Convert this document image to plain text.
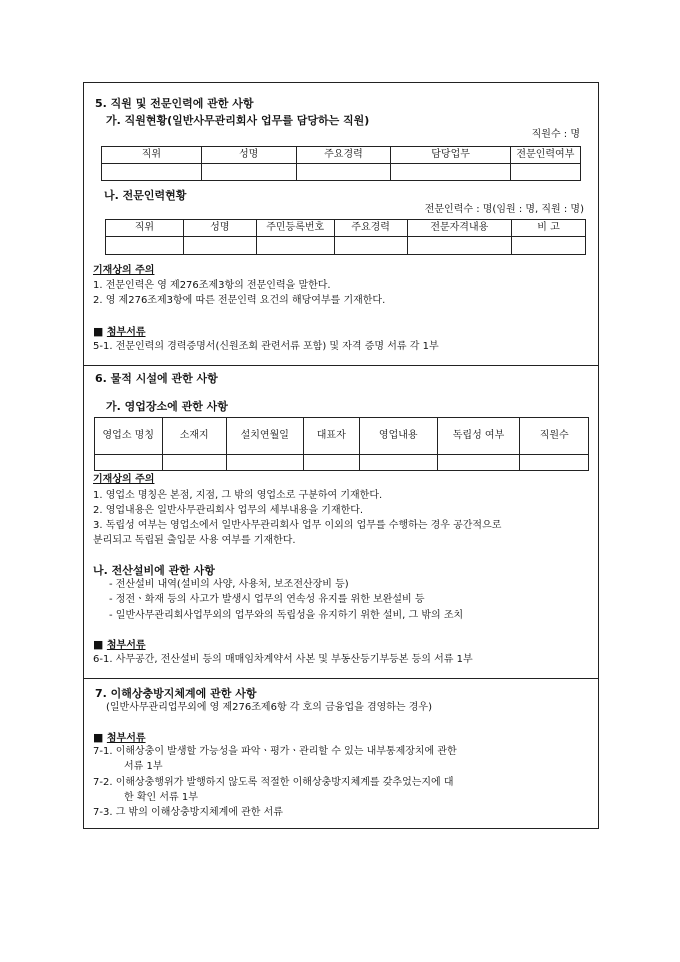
5. 직원 및 전문인력에 관한 사항
가. 직원현황(일반사무관리회사 업무를 담당하는 직원)
직원수 : 명
직위	성명	주요경력	담당업무	전문인력여부

나. 전문인력현황
전문인력수 : 명(임원 : 명, 직원 : 명)
직위	성명	주민등록번호	주요경력	전문자격내용	비 고

기재상의 주의
1. 전문인력은 영 제276조제3항의 전문인력을 말한다.
2. 영 제276조제3항에 따른 전문인력 요건의 해당여부를 기재한다.
■ 첨부서류
5-1. 전문인력의 경력증명서(신원조회 관련서류 포함) 및 자격 증명 서류 각 1부
6. 물적 시설에 관한 사항
가. 영업장소에 관한 사항
영업소 명칭	소재지	설치연월일	대표자	영업내용	독립성 여부	직원수

기재상의 주의
1. 영업소 명칭은 본점, 지점, 그 밖의 영업소로 구분하여 기재한다.
2. 영업내용은 일반사무관리회사 업무의 세부내용을 기재한다.
3. 독립성 여부는 영업소에서 일반사무관리회사 업무 이외의 업무를 수행하는 경우 공간적으로
분리되고 독립된 출입문 사용 여부를 기재한다.
나. 전산설비에 관한 사항
- 전산설비 내역(설비의 사양, 사용처, 보조전산장비 등)
- 정전ㆍ화재 등의 사고가 발생시 업무의 연속성 유지를 위한 보완설비 등
- 일반사무관리회사업무외의 업무와의 독립성을 유지하기 위한 설비, 그 밖의 조치
■ 첨부서류
6-1. 사무공간, 전산설비 등의 매매임차계약서 사본 및 부동산등기부등본 등의 서류 1부
7. 이해상충방지체계에 관한 사항
(일반사무관리업무외에 영 제276조제6항 각 호의 금융업을 겸영하는 경우)
■ 첨부서류
7-1. 이해상충이 발생할 가능성을 파악ㆍ평가ㆍ관리할 수 있는 내부통제장치에 관한
서류 1부
7-2. 이해상충행위가 발행하지 않도록 적절한 이해상충방지체계를 갖추었는지에 대
한 확인 서류 1부
7-3. 그 밖의 이해상충방지체계에 관한 서류
